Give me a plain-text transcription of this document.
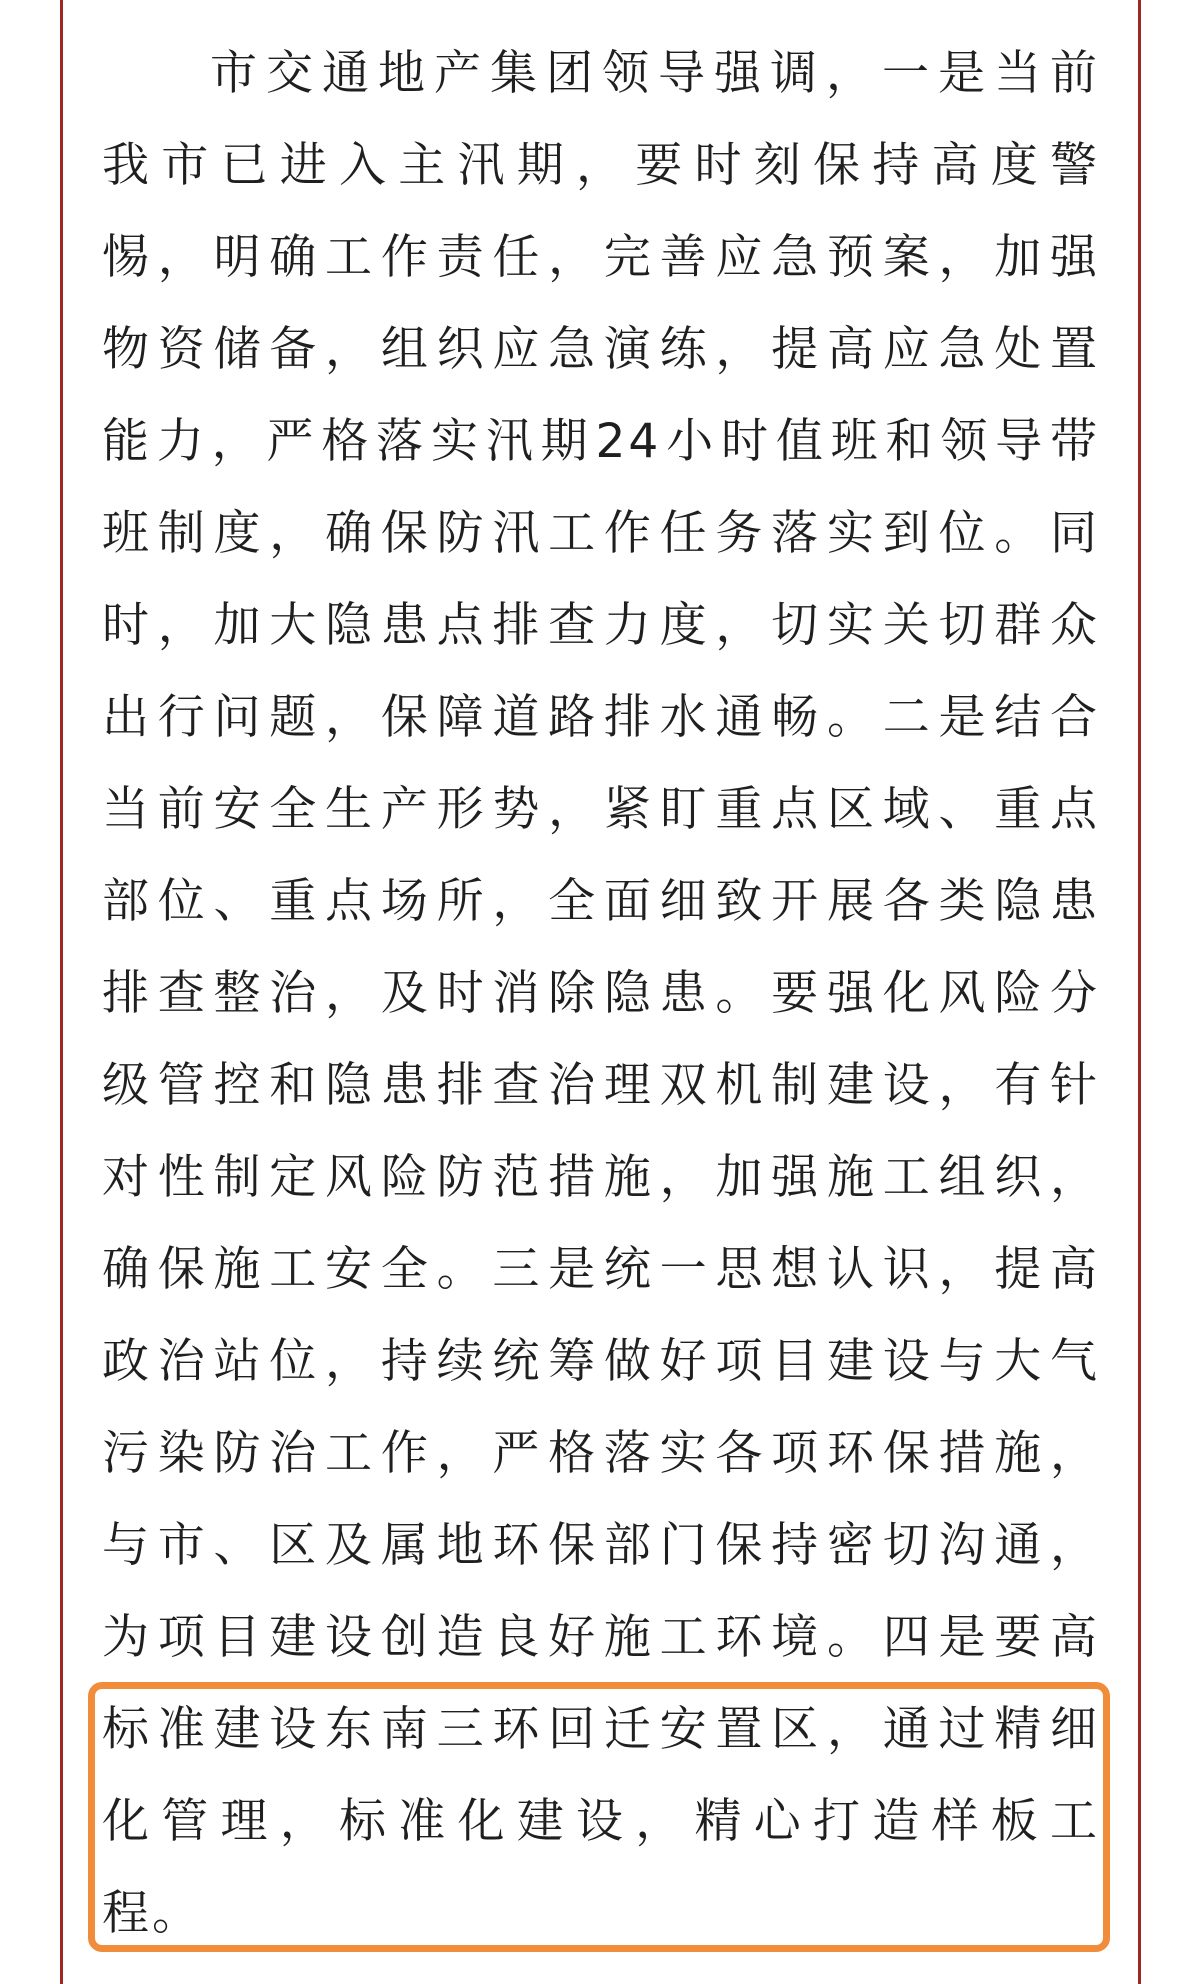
市交通地产集团领导强调，一是当前
我市已进入主汛期，要时刻保持高度警
惕，明确工作责任，完善应急预案，加强
物资储备，组织应急演练，提高应急处置
能力，严格落实汛期24小时值班和领导带
班制度，确保防汛工作任务落实到位。同
时，加大隐患点排查力度，切实关切群众
出行问题，保障道路排水通畅。二是结合
当前安全生产形势，紧盯重点区域、重点
部位、重点场所，全面细致开展各类隐患
排查整治，及时消除隐患。要强化风险分
级管控和隐患排查治理双机制建设，有针
对性制定风险防范措施，加强施工组织，
确保施工安全。三是统一思想认识，提高
政治站位，持续统筹做好项目建设与大气
污染防治工作，严格落实各项环保措施，
与市、区及属地环保部门保持密切沟通，
为项目建设创造良好施工环境。四是要高
标准建设东南三环回迁安置区，通过精细
化管理，标准化建设，精心打造样板工
程。
